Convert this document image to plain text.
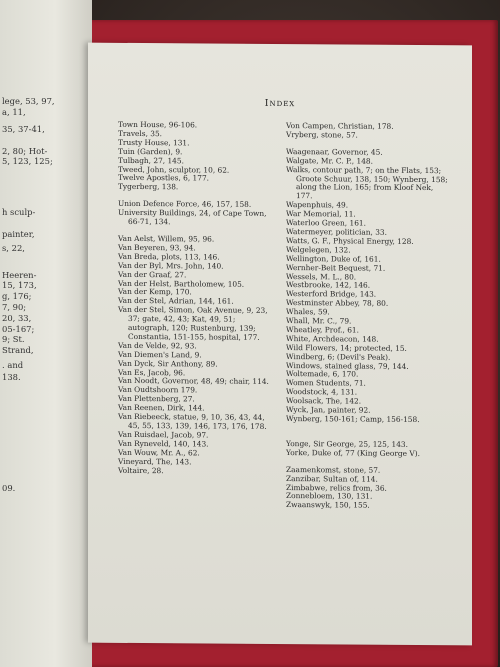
lege, 53, 97,
a, 11,
35, 37-41,
2, 80; Hot-
5, 123, 125;
h sculp-
painter,
s, 22,
Heeren-
15, 173,
g, 176;
7, 90;
20, 33,
05-167;
9; St.
Strand,
. and
138.
09.
Index
Town House, 96-106.
Travels, 35.
Trusty House, 131.
Tuin (Garden), 9.
Tulbagh, 27, 145.
Tweed, John, sculptor, 10, 62.
Twelve Apostles, 6, 177.
Tygerberg, 138.
Union Defence Force, 46, 157, 158.
University Buildings, 24, of Cape Town, 66-71, 134.
Van Aelst, Willem, 95, 96.
Van Beyeren, 93, 94.
Van Breda, plots, 113, 146.
Van der Byl, Mrs. John, 140.
Van der Graaf, 27.
Van der Helst, Bartholomew, 105.
Van der Kemp, 170.
Van der Stel, Adrian, 144, 161.
Van der Stel, Simon, Oak Avenue, 9, 23, 37; gate, 42, 43; Kat, 49, 51; autograph, 120; Rustenburg, 139; Constantia, 151-155, hospital, 177.
Van de Velde, 92, 93.
Van Diemen's Land, 9.
Van Dyck, Sir Anthony, 89.
Van Es, Jacob, 96.
Van Noodt, Governor, 48, 49; chair, 114.
Van Oudtshoorn 179.
Van Plettenberg, 27.
Van Reenen, Dirk, 144.
Van Riebeeck, statue, 9, 10, 36, 43, 44, 45, 55, 133, 139, 146, 173, 176, 178.
Van Ruisdael, Jacob, 97.
Van Ryneveld, 140, 143.
Van Wouw, Mr. A., 62.
Vineyard, The, 143.
Voltaire, 28.
Von Campen, Christian, 178.
Vryberg, stone, 57.
Waagenaar, Governor, 45.
Walgate, Mr. C. P., 148.
Walks, contour path, 7; on the Flats, 153; Groote Schuur, 138, 150; Wynberg, 158; along the Lion, 165; from Kloof Nek, 177.
Wapenphuis, 49.
War Memorial, 11.
Waterloo Green, 161.
Watermeyer, politician, 33.
Watts, G. F., Physical Energy, 128.
Welgelegen, 132.
Wellington, Duke of, 161.
Wernher-Beit Bequest, 71.
Wessels, M. L., 80.
Westbrooke, 142, 146.
Westerford Bridge, 143.
Westminster Abbey, 78, 80.
Whales, 59.
Whall, Mr. C., 79.
Wheatley, Prof., 61.
White, Archdeacon, 148.
Wild Flowers, 14; protected, 15.
Windberg, 6; (Devil's Peak).
Windows, stained glass, 79, 144.
Woltemade, 6, 170.
Women Students, 71.
Woodstock, 4, 131.
Woolsack, The, 142.
Wyck, Jan, painter, 92.
Wynberg, 150-161; Camp, 156-158.
Yonge, Sir George, 25, 125, 143.
Yorke, Duke of, 77 (King George V).
Zaamenkomst, stone, 57.
Zanzibar, Sultan of, 114.
Zimbabwe, relics from, 36.
Zonnebloem, 130, 131.
Zwaanswyk, 150, 155.
